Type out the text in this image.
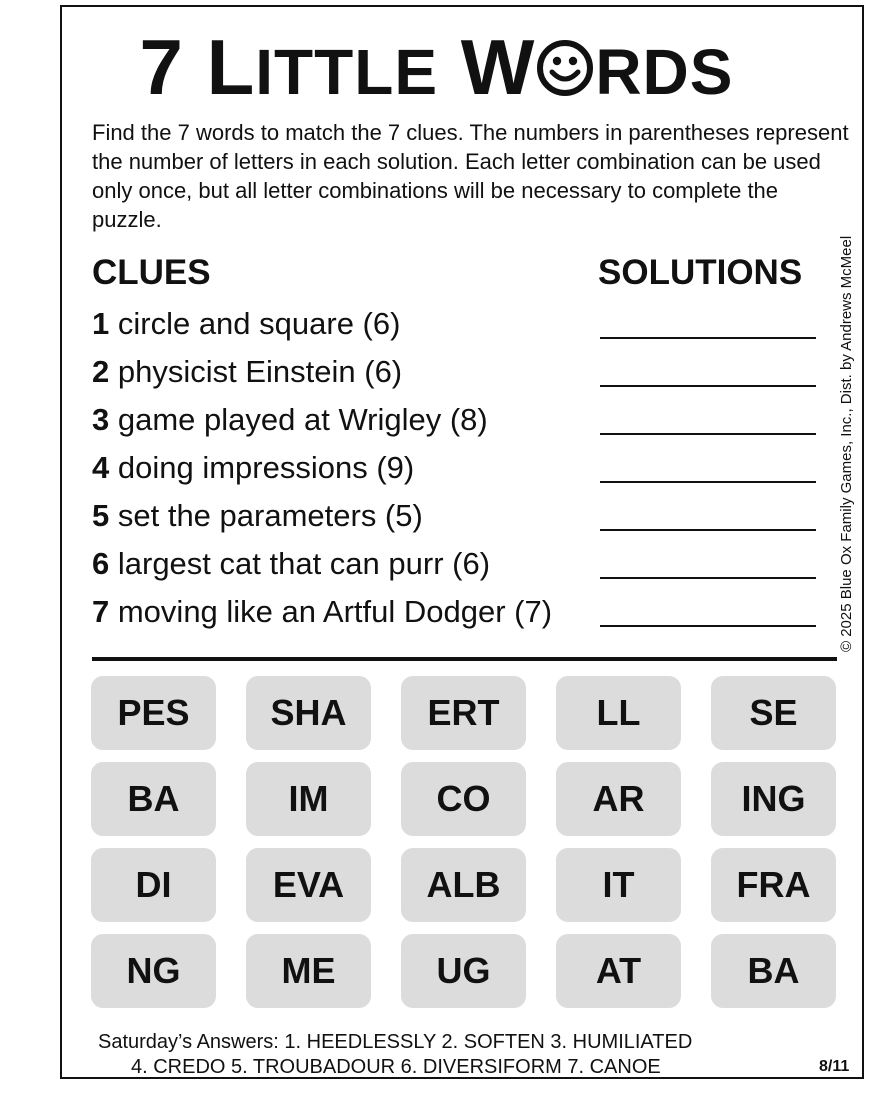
7 LITTLE W RDS
Find the 7 words to match the 7 clues. The numbers in parentheses represent the number of letters in each solution. Each letter combination can be used only once, but all letter combinations will be necessary to complete the puzzle.
© 2025 Blue Ox Family Games, Inc., Dist. by Andrews McMeel
CLUES	SOLUTIONS
1 circle and square (6)
2 physicist Einstein (6)
3 game played at Wrigley (8)
4 doing impressions (9)
5 set the parameters (5)
6 largest cat that can purr (6)
7 moving like an Artful Dodger (7)
PES	SHA	ERT	LL	SE
BA	IM	CO	AR	ING
DI	EVA	ALB	IT	FRA
NG	ME	UG	AT	BA
Saturday’s Answers: 1. HEEDLESSLY 2. SOFTEN 3. HUMILIATED
4. CREDO 5. TROUBADOUR 6. DIVERSIFORM 7. CANOE	8/11
